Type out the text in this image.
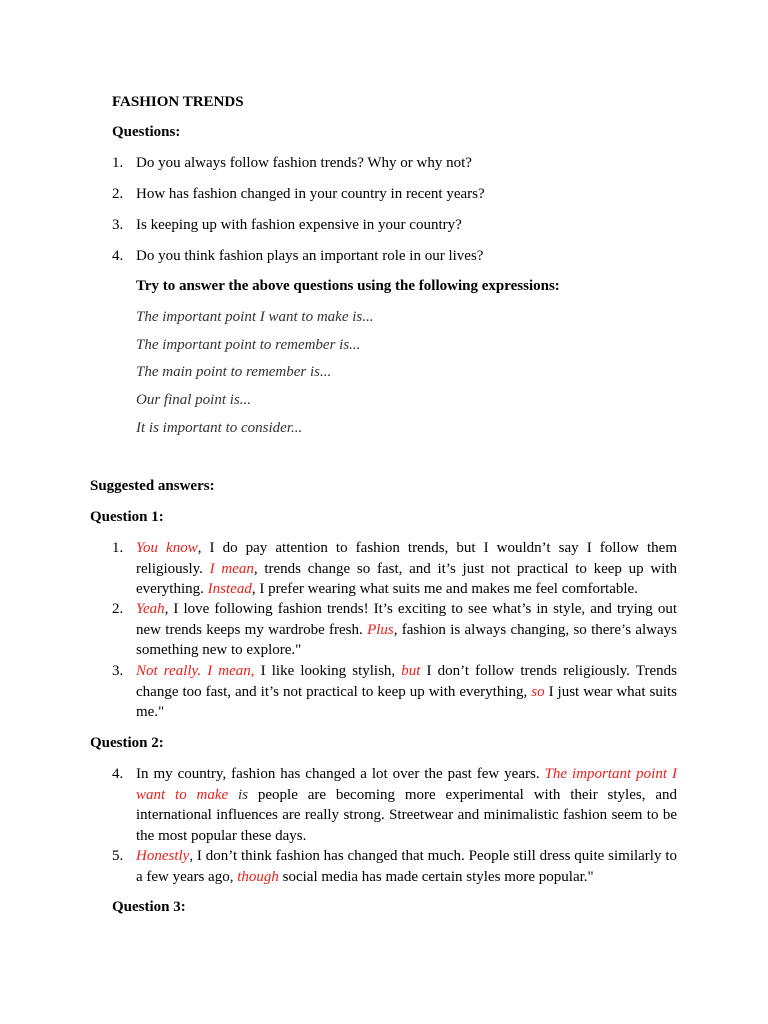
FASHION TRENDS
Questions:
1. Do you always follow fashion trends? Why or why not?
2. How has fashion changed in your country in recent years?
3. Is keeping up with fashion expensive in your country?
4. Do you think fashion plays an important role in our lives?
Try to answer the above questions using the following expressions:
The important point I want to make is...
The important point to remember is...
The main point to remember is...
Our final point is...
It is important to consider...
Suggested answers:
Question 1:
1. You know, I do pay attention to fashion trends, but I wouldn’t say I follow them religiously. I mean, trends change so fast, and it’s just not practical to keep up with everything. Instead, I prefer wearing what suits me and makes me feel comfortable.
2. Yeah, I love following fashion trends! It’s exciting to see what’s in style, and trying out new trends keeps my wardrobe fresh. Plus, fashion is always changing, so there’s always something new to explore."
3. Not really. I mean, I like looking stylish, but I don’t follow trends religiously. Trends change too fast, and it’s not practical to keep up with everything, so I just wear what suits me."
Question 2:
4. In my country, fashion has changed a lot over the past few years. The important point I want to make is people are becoming more experimental with their styles, and international influences are really strong. Streetwear and minimalistic fashion seem to be the most popular these days.
5. Honestly, I don’t think fashion has changed that much. People still dress quite similarly to a few years ago, though social media has made certain styles more popular."
Question 3:
